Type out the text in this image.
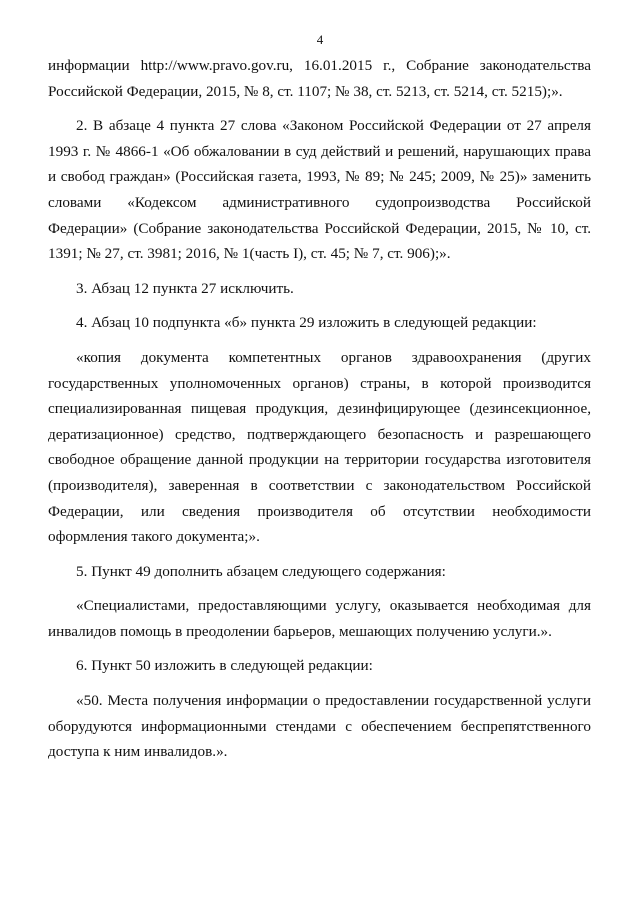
4
информации http://www.pravo.gov.ru, 16.01.2015 г., Собрание законодательства
Российской Федерации, 2015, № 8, ст. 1107; № 38, ст. 5213, ст. 5214, ст. 5215);».
2. В абзаце 4 пункта 27 слова «Законом Российской Федерации от 27 апреля
1993 г. № 4866-1 «Об обжаловании в суд действий и решений, нарушающих права
и свобод граждан» (Российская газета, 1993, № 89; № 245; 2009, № 25)» заменить
словами «Кодексом административного судопроизводства Российской
Федерации» (Собрание законодательства Российской Федерации, 2015, № 10, ст.
1391; № 27, ст. 3981; 2016, № 1(часть I), ст. 45; № 7, ст. 906);».
3. Абзац 12 пункта 27 исключить.
4. Абзац 10 подпункта «б» пункта 29 изложить в следующей редакции:
«копия документа компетентных органов здравоохранения (других
государственных уполномоченных органов) страны, в которой производится
специализированная пищевая продукция, дезинфицирующее (дезинсекционное,
дератизационное) средство, подтверждающего безопасность и разрешающего
свободное обращение данной продукции на территории государства изготовителя
(производителя), заверенная в соответствии с законодательством Российской
Федерации, или сведения производителя об отсутствии необходимости
оформления такого документа;».
5. Пункт 49 дополнить абзацем следующего содержания:
«Специалистами, предоставляющими услугу, оказывается необходимая для
инвалидов помощь в преодолении барьеров, мешающих получению услуги.».
6. Пункт 50 изложить в следующей редакции:
«50. Места получения информации о предоставлении государственной услуги
оборудуются информационными стендами с обеспечением беспрепятственного
доступа к ним инвалидов.».
